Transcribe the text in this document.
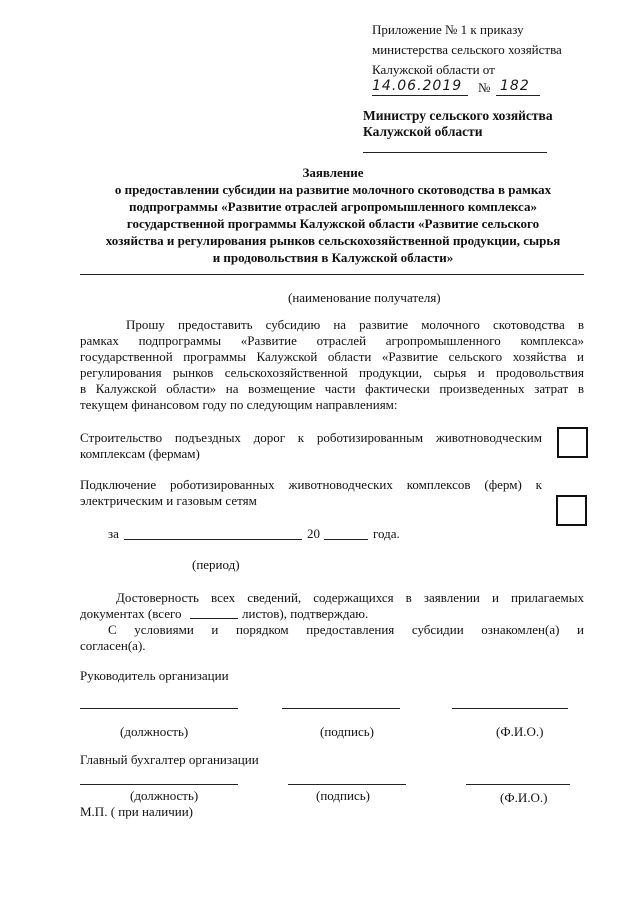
Приложение № 1 к приказу
министерства сельского хозяйства
Калужской области от
14.06.2019 № 182
Министру сельского хозяйства
Калужской области
Заявление
о предоставлении субсидии на развитие молочного скотоводства в рамках
подпрограммы «Развитие отраслей агропромышленного комплекса»
государственной программы Калужской области «Развитие сельского
хозяйства и регулирования рынков сельскохозяйственной продукции, сырья
и продовольствия в Калужской области»
(наименование получателя)
Прошу предоставить субсидию на развитие молочного скотоводства в
рамках подпрограммы «Развитие отраслей агропромышленного комплекса»
государственной программы Калужской области «Развитие сельского хозяйства и
регулирования рынков сельскохозяйственной продукции, сырья и продовольствия
в Калужской области» на возмещение части фактически произведенных затрат в
текущем финансовом году по следующим направлениям:
Строительство подъездных дорог к роботизированным животноводческим
комплексам (фермам)
Подключение роботизированных животноводческих комплексов (ферм) к
электрическим и газовым сетям
за	20	года.
(период)
Достоверность всех сведений, содержащихся в заявлении и прилагаемых
документах (всего	листов), подтверждаю.
С условиями и порядком предоставления субсидии ознакомлен(а) и
согласен(а).
Руководитель организации
(должность)	(подпись)	(Ф.И.О.)
Главный бухгалтер организации
(должность)	(подпись)	(Ф.И.О.)
М.П. ( при наличии)
